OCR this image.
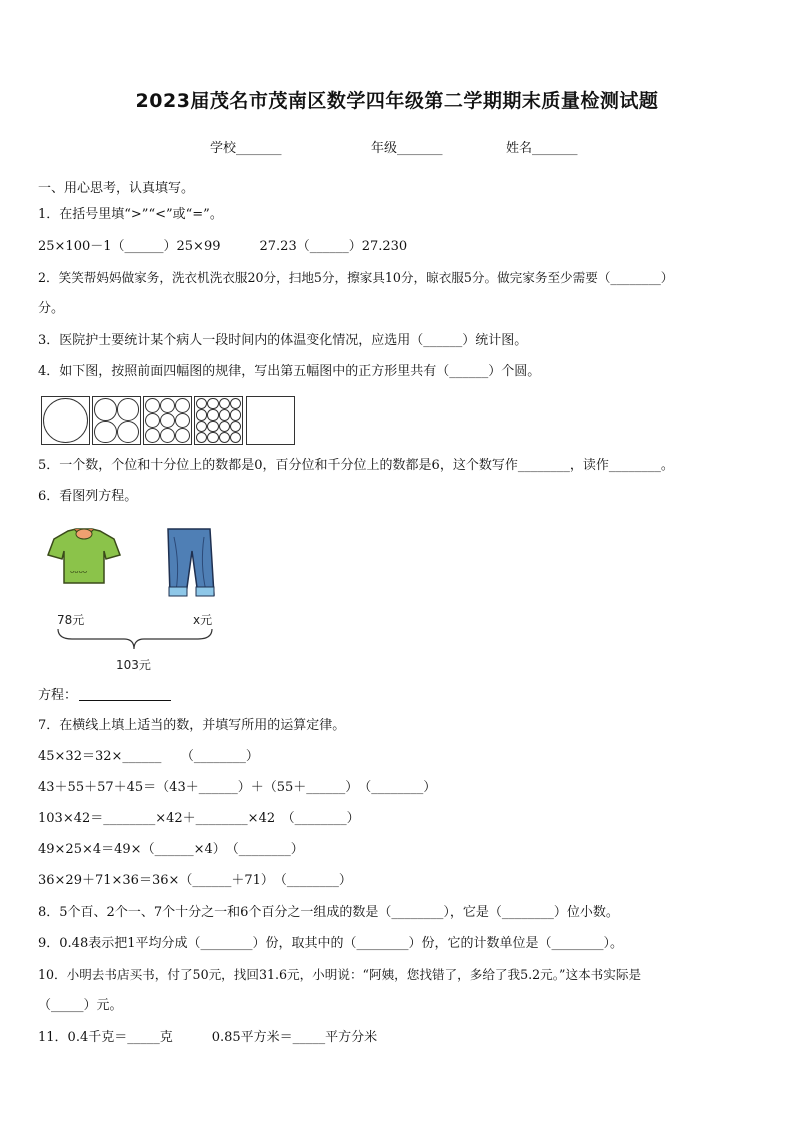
2023届茂名市茂南区数学四年级第二学期期末质量检测试题
学校_______	年级_______	姓名_______
一、用心思考，认真填写。
1．在括号里填“>”“<”或“=”。
25×100－1（______）25×99　　　27.23（______）27.230
2．笑笑帮妈妈做家务，洗衣机洗衣服20分，扫地5分，擦家具10分，晾衣服5分。做完家务至少需要（________）
分。
3．医院护士要统计某个病人一段时间内的体温变化情况，应选用（______）统计图。
4．如下图，按照前面四幅图的规律，写出第五幅图中的正方形里共有（______）个圆。
5．一个数，个位和十分位上的数都是0，百分位和千分位上的数都是6，这个数写作________，读作________。
6．看图列方程。
ᴗᴗᴗᴗ
78元	x元
103元
方程：
7．在横线上填上适当的数，并填写所用的运算定律。
45×32＝32×______　　（________）
43＋55＋57＋45＝（43＋______）＋（55＋______）　（________）
103×42＝________×42＋________×42　（________）
49×25×4＝49×（______×4）　（________）
36×29＋71×36＝36×（______＋71）　（________）
8．5个百、2个一、7个十分之一和6个百分之一组成的数是（________），它是（________）位小数。
9．0.48表示把1平均分成（________）份，取其中的（________）份，它的计数单位是（________）。
10．小明去书店买书，付了50元，找回31.6元，小明说：“阿姨，您找错了，多给了我5.2元。”这本书实际是
（_____）元。
11．0.4千克＝_____克　　　0.85平方米＝_____平方分米
